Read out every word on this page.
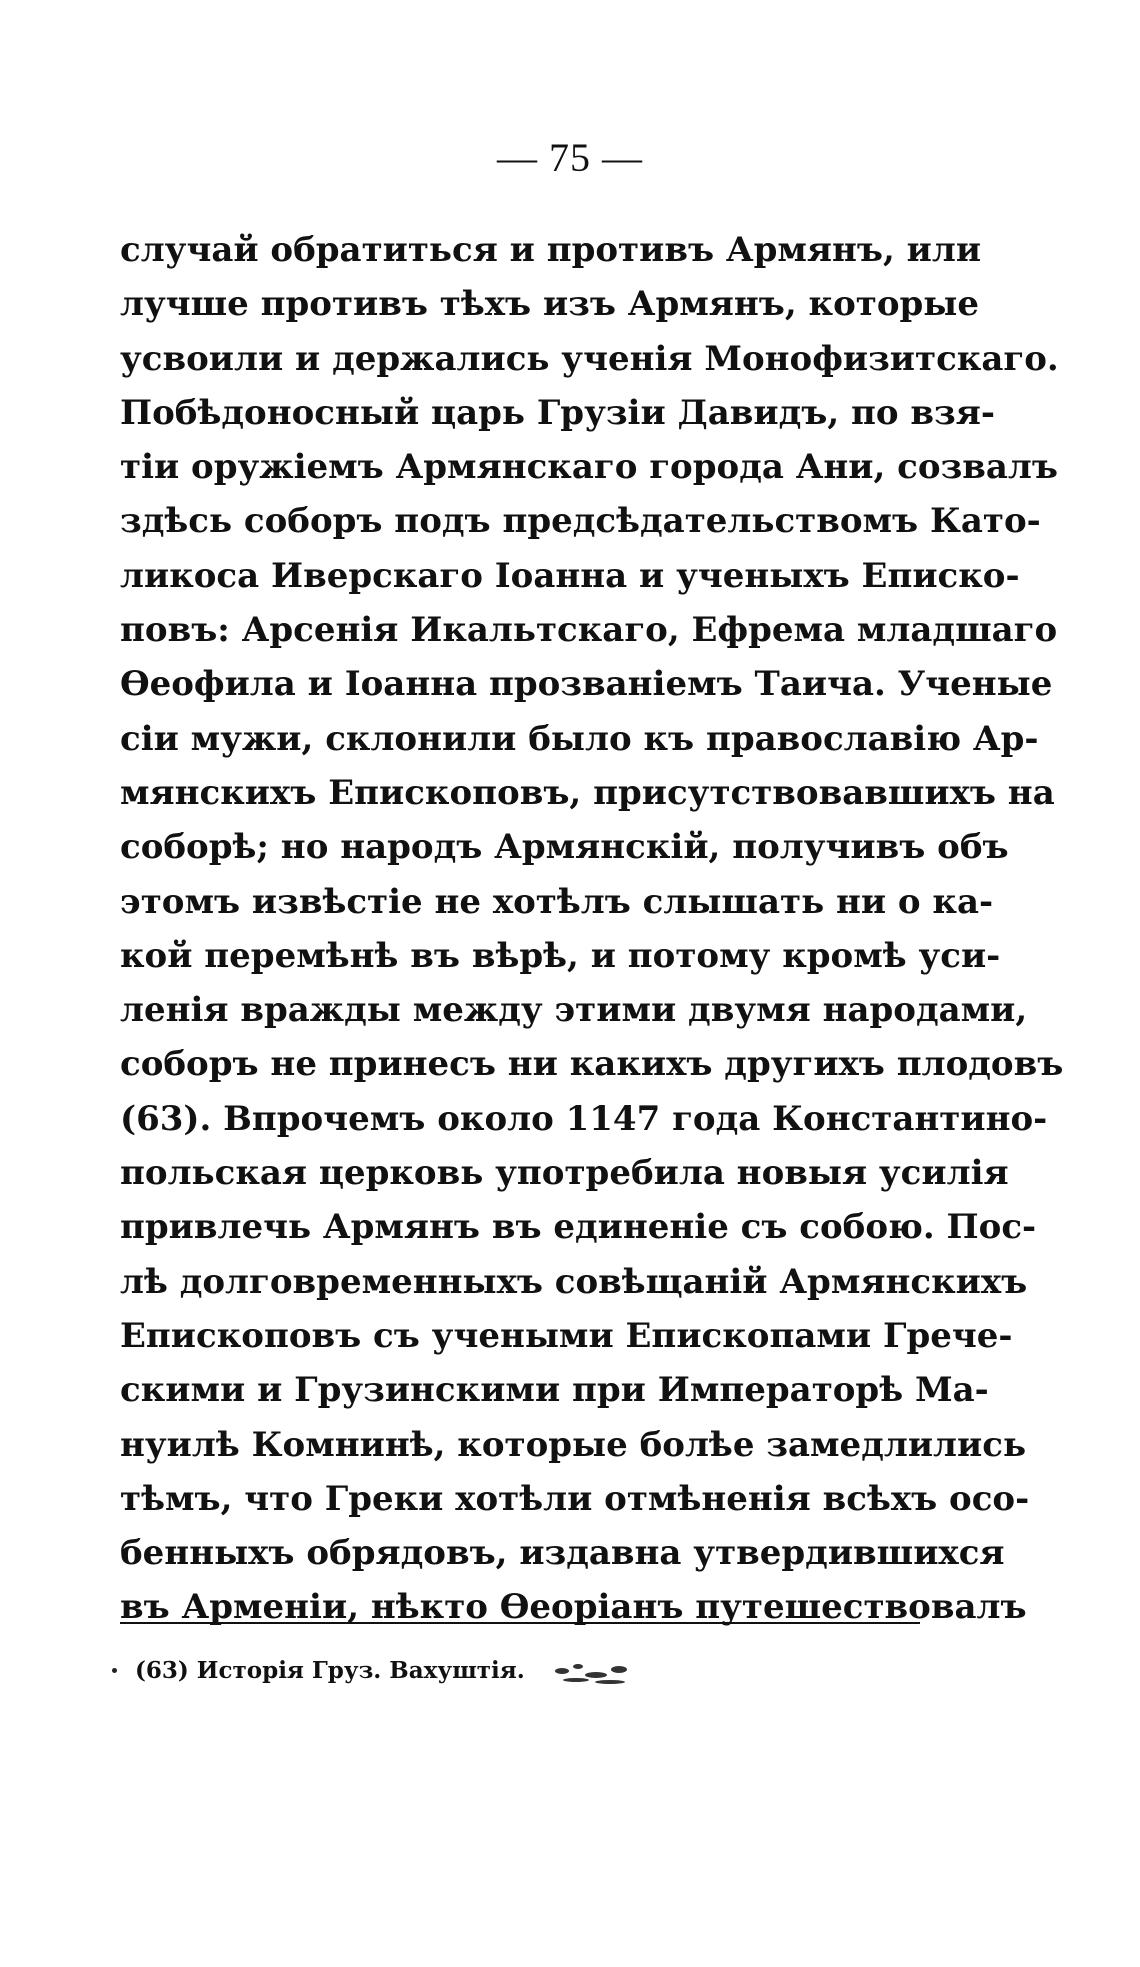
— 75 —
случай обратиться и противъ Армянъ, или
лучше противъ тѣхъ изъ Армянъ, которые
усвоили и держались ученія Монофизитскаго.
Побѣдоносный царь Грузіи Давидъ, по взя-
тіи оружіемъ Армянскаго города Ани, созвалъ
здѣсь соборъ подъ предсѣдательствомъ Като-
ликоса Иверскаго Іоанна и ученыхъ Еписко-
повъ: Арсенія Икальтскаго, Ефрема младшаго
Ѳеофила и Іоанна прозваніемъ Таича. Ученые
сіи мужи, склонили было къ православію Ар-
мянскихъ Епископовъ, присутствовавшихъ на
соборѣ; но народъ Армянскій, получивъ объ
этомъ извѣстіе не хотѣлъ слышать ни о ка-
кой перемѣнѣ въ вѣрѣ, и потому кромѣ уси-
ленія вражды между этими двумя народами,
соборъ не принесъ ни какихъ другихъ плодовъ
(63). Впрочемъ около 1147 года Константино-
польская церковь употребила новыя усилія
привлечь Армянъ въ единеніе съ собою. Пос-
лѣ долговременныхъ совѣщаній Армянскихъ
Епископовъ съ учеными Епископами Грече-
скими и Грузинскими при Императорѣ Ма-
нуилѣ Комнинѣ, которые болѣе замедлились
тѣмъ, что Греки хотѣли отмѣненія всѣхъ осо-
бенныхъ обрядовъ, издавна утвердившихся
въ Арменіи, нѣкто Ѳеоріанъ путешествовалъ
(63) Исторія Груз. Вахуштія.
